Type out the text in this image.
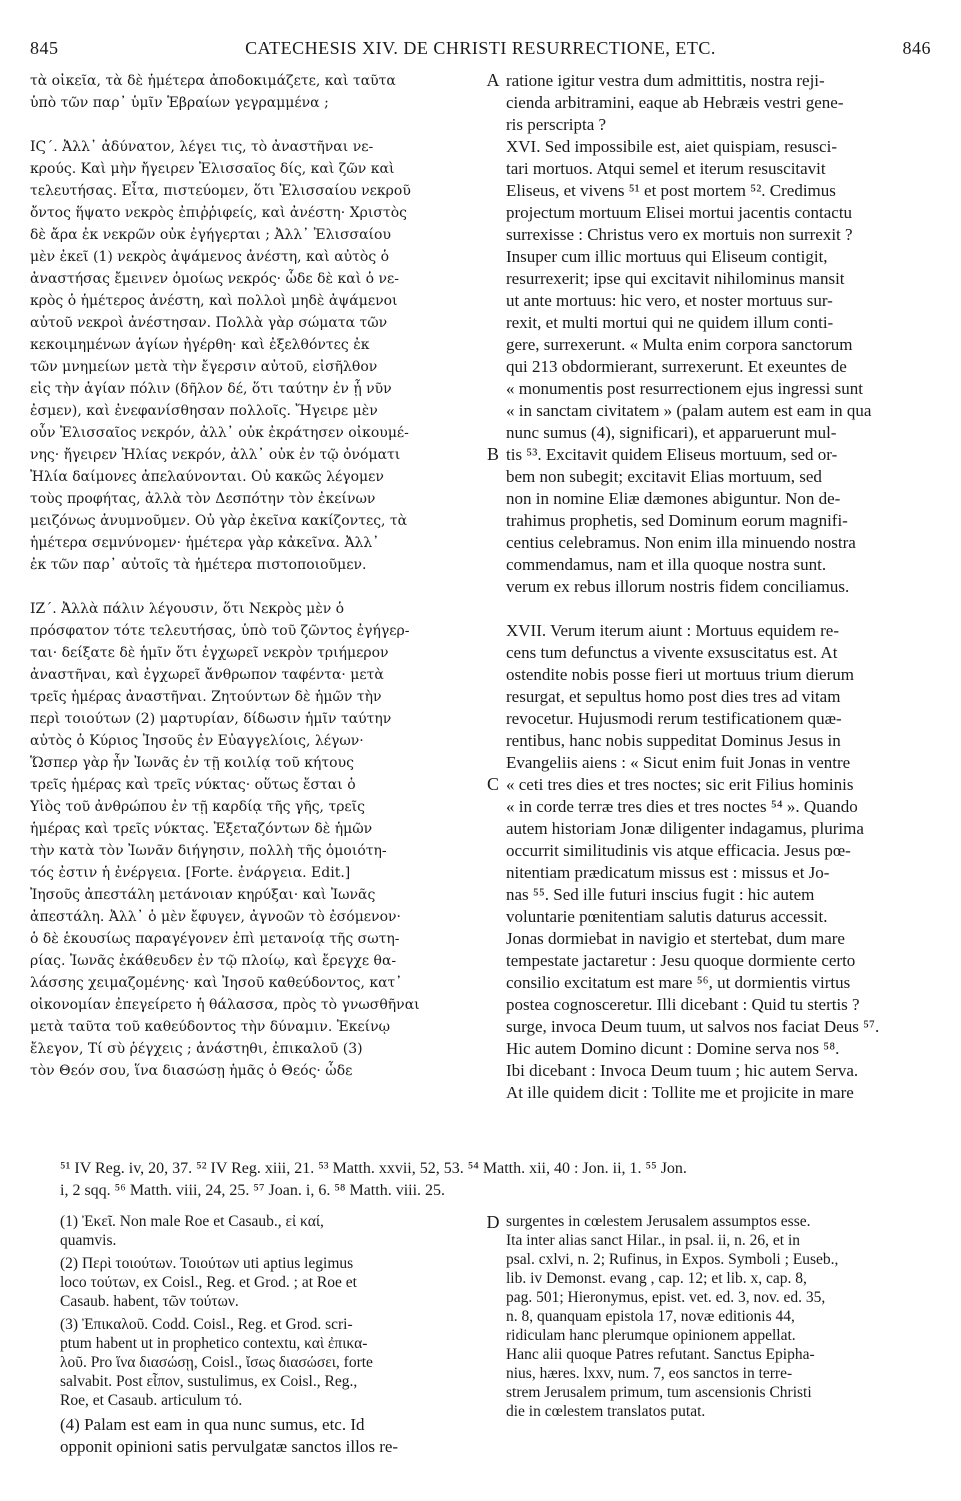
845	CATECHESIS XIV. DE CHRISTI RESURRECTIONE, ETC.	846
τὰ οἰκεῖα, τὰ δὲ ἡμέτερα ἀποδοκιμάζετε, καὶ ταῦτα
ὑπὸ τῶν παρ᾽ ὑμῖν Ἑβραίων γεγραμμένα ;
ΙϚ´. Ἀλλ᾽ ἀδύνατον, λέγει τις, τὸ ἀναστῆναι νε-
κρούς. Καὶ μὴν ἤγειρεν Ἐλισσαῖος δίς, καὶ ζῶν καὶ
τελευτήσας. Εἶτα, πιστεύομεν, ὅτι Ἐλισσαίου νεκροῦ
ὄντος ἥψατο νεκρὸς ἐπιῤῥιφείς, καὶ ἀνέστη· Χριστὸς
δὲ ἄρα ἐκ νεκρῶν οὐκ ἐγήγερται ; Ἀλλ᾽ Ἐλισσαίου
μὲν ἐκεῖ (1) νεκρὸς ἀψάμενος ἀνέστη, καὶ αὐτὸς ὁ
ἀναστήσας ἔμεινεν ὁμοίως νεκρός· ὧδε δὲ καὶ ὁ νε-
κρὸς ὁ ἡμέτερος ἀνέστη, καὶ πολλοὶ μηδὲ ἀψάμενοι
αὐτοῦ νεκροὶ ἀνέστησαν. Πολλὰ γὰρ σώματα τῶν
κεκοιμημένων ἁγίων ἠγέρθη· καὶ ἐξελθόντες ἐκ
τῶν μνημείων μετὰ τὴν ἔγερσιν αὐτοῦ, εἰσῆλθον
εἰς τὴν ἁγίαν πόλιν (δῆλον δέ, ὅτι ταύτην ἐν ᾗ νῦν
ἐσμεν), καὶ ἐνεφανίσθησαν πολλοῖς. Ἤγειρε μὲν
οὖν Ἐλισσαῖος νεκρόν, ἀλλ᾽ οὐκ ἐκράτησεν οἰκουμέ-
νης· ἤγειρεν Ἠλίας νεκρόν, ἀλλ᾽ οὐκ ἐν τῷ ὀνόματι
Ἠλία δαίμονες ἀπελαύνονται. Οὐ κακῶς λέγομεν
τοὺς προφήτας, ἀλλὰ τὸν Δεσπότην τὸν ἐκείνων
μειζόνως ἀνυμνοῦμεν. Οὐ γὰρ ἐκεῖνα κακίζοντες, τὰ
ἡμέτερα σεμνύνομεν· ἡμέτερα γὰρ κἀκεῖνα. Ἀλλ᾽
ἐκ τῶν παρ᾽ αὐτοῖς τὰ ἡμέτερα πιστοποιοῦμεν.
ΙΖ´. Ἀλλὰ πάλιν λέγουσιν, ὅτι Νεκρὸς μὲν ὁ
πρόσφατον τότε τελευτήσας, ὑπὸ τοῦ ζῶντος ἐγήγερ-
ται· δείξατε δὲ ἡμῖν ὅτι ἐγχωρεῖ νεκρὸν τριήμερον
ἀναστῆναι, καὶ ἐγχωρεῖ ἄνθρωπον ταφέντα· μετὰ
τρεῖς ἡμέρας ἀναστῆναι. Ζητούντων δὲ ἡμῶν τὴν
περὶ τοιούτων (2) μαρτυρίαν, δίδωσιν ἡμῖν ταύτην
αὐτὸς ὁ Κύριος Ἰησοῦς ἐν Εὐαγγελίοις, λέγων·
Ὥσπερ γὰρ ἦν Ἰωνᾶς ἐν τῇ κοιλίᾳ τοῦ κήτους
τρεῖς ἡμέρας καὶ τρεῖς νύκτας· οὕτως ἔσται ὁ
Υἱὸς τοῦ ἀνθρώπου ἐν τῇ καρδίᾳ τῆς γῆς, τρεῖς
ἡμέρας καὶ τρεῖς νύκτας. Ἐξεταζόντων δὲ ἡμῶν
τὴν κατὰ τὸν Ἰωνᾶν διήγησιν, πολλὴ τῆς ὁμοιότη-
τός ἐστιν ἡ ἐνέργεια. [Forte. ἐνάργεια. Edit.]
Ἰησοῦς ἀπεστάλη μετάνοιαν κηρύξαι· καὶ Ἰωνᾶς
ἀπεστάλη. Ἀλλ᾽ ὁ μὲν ἔφυγεν, ἀγνοῶν τὸ ἐσόμενον·
ὁ δὲ ἑκουσίως παραγέγονεν ἐπὶ μετανοίᾳ τῆς σωτη-
ρίας. Ἰωνᾶς ἐκάθευδεν ἐν τῷ πλοίῳ, καὶ ἔρεγχε θα-
λάσσης χειμαζομένης· καὶ Ἰησοῦ καθεύδοντος, κατ᾽
οἰκονομίαν ἐπεγείρετο ἡ θάλασσα, πρὸς τὸ γνωσθῆναι
μετὰ ταῦτα τοῦ καθεύδοντος τὴν δύναμιν. Ἐκείνῳ
ἔλεγον, Τί σὺ ῥέγχεις ; ἀνάστηθι, ἐπικαλοῦ (3)
τὸν Θεόν σου, ἵνα διασώσῃ ἡμᾶς ὁ Θεός· ὧδε
ratione igitur vestra dum admittitis, nostra reji-
cienda arbitramini, eaque ab Hebræis vestri gene-
ris perscripta ?
XVI. Sed impossibile est, aiet quispiam, resusci-
tari mortuos. Atqui semel et iterum resuscitavit
Eliseus, et vivens ⁵¹ et post mortem ⁵². Credimus
projectum mortuum Elisei mortui jacentis contactu
surrexisse : Christus vero ex mortuis non surrexit ?
Insuper cum illic mortuus qui Eliseum contigit,
resurrexerit; ipse qui excitavit nihilominus mansit
ut ante mortuus: hic vero, et noster mortuus sur-
rexit, et multi mortui qui ne quidem illum conti-
gere, surrexerunt. « Multa enim corpora sanctorum
qui 213 obdormierant, surrexerunt. Et exeuntes de
« monumentis post resurrectionem ejus ingressi sunt
« in sanctam civitatem » (palam autem est eam in qua
nunc sumus (4), significari), et apparuerunt mul-
tis ⁵³. Excitavit quidem Eliseus mortuum, sed or-
bem non subegit; excitavit Elias mortuum, sed
non in nomine Eliæ dæmones abiguntur. Non de-
trahimus prophetis, sed Dominum eorum magnifi-
centius celebramus. Non enim illa minuendo nostra
commendamus, nam et illa quoque nostra sunt.
verum ex rebus illorum nostris fidem conciliamus.
XVII. Verum iterum aiunt : Mortuus equidem re-
cens tum defunctus a vivente exsuscitatus est. At
ostendite nobis posse fieri ut mortuus trium dierum
resurgat, et sepultus homo post dies tres ad vitam
revocetur. Hujusmodi rerum testificationem quæ-
rentibus, hanc nobis suppeditat Dominus Jesus in
Evangeliis aiens : « Sicut enim fuit Jonas in ventre
« ceti tres dies et tres noctes; sic erit Filius hominis
« in corde terræ tres dies et tres noctes ⁵⁴ ». Quando
autem historiam Jonæ diligenter indagamus, plurima
occurrit similitudinis vis atque efficacia. Jesus pœ-
nitentiam prædicatum missus est : missus et Jo-
nas ⁵⁵. Sed ille futuri inscius fugit : hic autem
voluntarie pœnitentiam salutis daturus accessit.
Jonas dormiebat in navigio et stertebat, dum mare
tempestate jactaretur : Jesu quoque dormiente certo
consilio excitatum est mare ⁵⁶, ut dormientis virtus
postea cognosceretur. Illi dicebant : Quid tu stertis ?
surge, invoca Deum tuum, ut salvos nos faciat Deus ⁵⁷.
Hic autem Domino dicunt : Domine serva nos ⁵⁸.
Ibi dicebant : Invoca Deum tuum ; hic autem Serva.
At ille quidem dicit : Tollite me et projicite in mare
A
B
C
D
⁵¹ IV Reg. iv, 20, 37. ⁵² IV Reg. xiii, 21. ⁵³ Matth. xxvii, 52, 53. ⁵⁴ Matth. xii, 40 : Jon. ii, 1. ⁵⁵ Jon.
i, 2 sqq. ⁵⁶ Matth. viii, 24, 25. ⁵⁷ Joan. i, 6. ⁵⁸ Matth. viii. 25.
(1) Ἐκεῖ. Non male Roe et Casaub., εἰ καί,
quamvis.
(2) Περὶ τοιούτων. Τοιούτων uti aptius legimus
loco τούτων, ex Coisl., Reg. et Grod. ; at Roe et
Casaub. habent, τῶν τούτων.
(3) Ἐπικαλοῦ. Codd. Coisl., Reg. et Grod. scri-
ptum habent ut in prophetico contextu, καὶ ἐπικα-
λοῦ. Pro ἵνα διασώσῃ, Coisl., ἴσως διασώσει, forte
salvabit. Post εἶπον, sustulimus, ex Coisl., Reg.,
Roe, et Casaub. articulum τό.
(4) Palam est eam in qua nunc sumus, etc. Id
opponit opinioni satis pervulgatæ sanctos illos re-
surgentes in cœlestem Jerusalem assumptos esse.
Ita inter alias sanct Hilar., in psal. ii, n. 26, et in
psal. cxlvi, n. 2; Rufinus, in Expos. Symboli ; Euseb.,
lib. iv Demonst. evang , cap. 12; et lib. x, cap. 8,
pag. 501; Hieronymus, epist. vet. ed. 3, nov. ed. 35,
n. 8, quanquam epistola 17, novæ editionis 44,
ridiculam hanc plerumque opinionem appellat.
Hanc alii quoque Patres refutant. Sanctus Epipha-
nius, hæres. lxxv, num. 7, eos sanctos in terre-
strem Jerusalem primum, tum ascensionis Christi
die in cœlestem translatos putat.
